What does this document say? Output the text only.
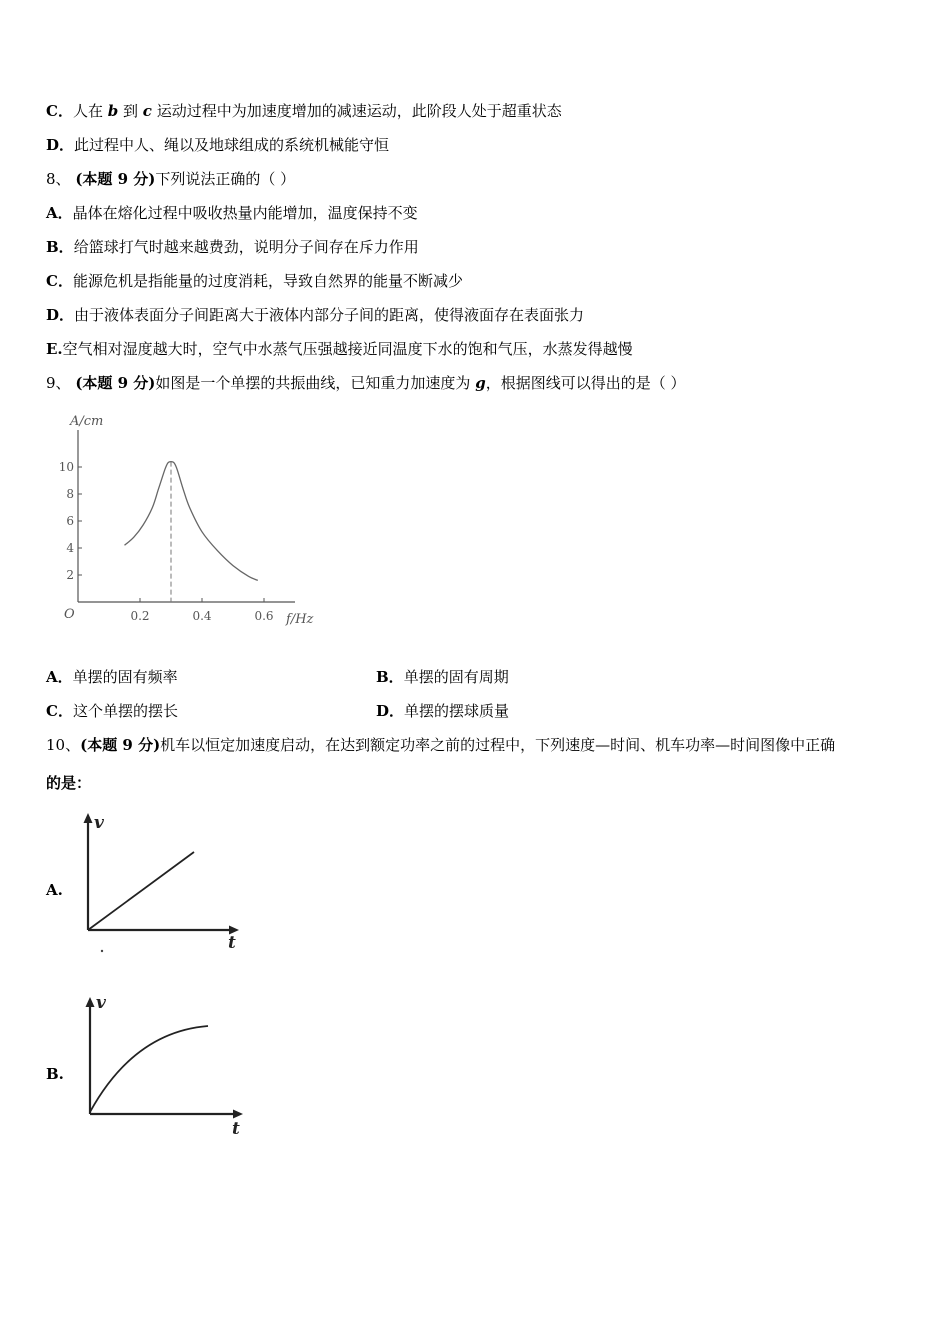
C．人在 b 到 c 运动过程中为加速度增加的减速运动，此阶段人处于超重状态
D．此过程中人、绳以及地球组成的系统机械能守恒
8、 (本题 9 分)下列说法正确的（ ）
A．晶体在熔化过程中吸收热量内能增加，温度保持不变
B．给篮球打气时越来越费劲，说明分子间存在斥力作用
C．能源危机是指能量的过度消耗，导致自然界的能量不断减少
D．由于液体表面分子间距离大于液体内部分子间的距离，使得液面存在表面张力
E.空气相对湿度越大时，空气中水蒸气压强越接近同温度下水的饱和气压，水蒸发得越慢
9、 (本题 9 分)如图是一个单摆的共振曲线，已知重力加速度为 g，根据图线可以得出的是（ ）
A/cm
O	f/Hz
2
4
6
8
10
0.2	0.4	0.6
A．单摆的固有频率	B．单摆的固有周期
C．这个单摆的摆长	D．单摆的摆球质量
10、(本题 9 分)机车以恒定加速度启动，在达到额定功率之前的过程中，下列速度—时间、机车功率—时间图像中正确
的是：
A.
v
t
B.
v
t
